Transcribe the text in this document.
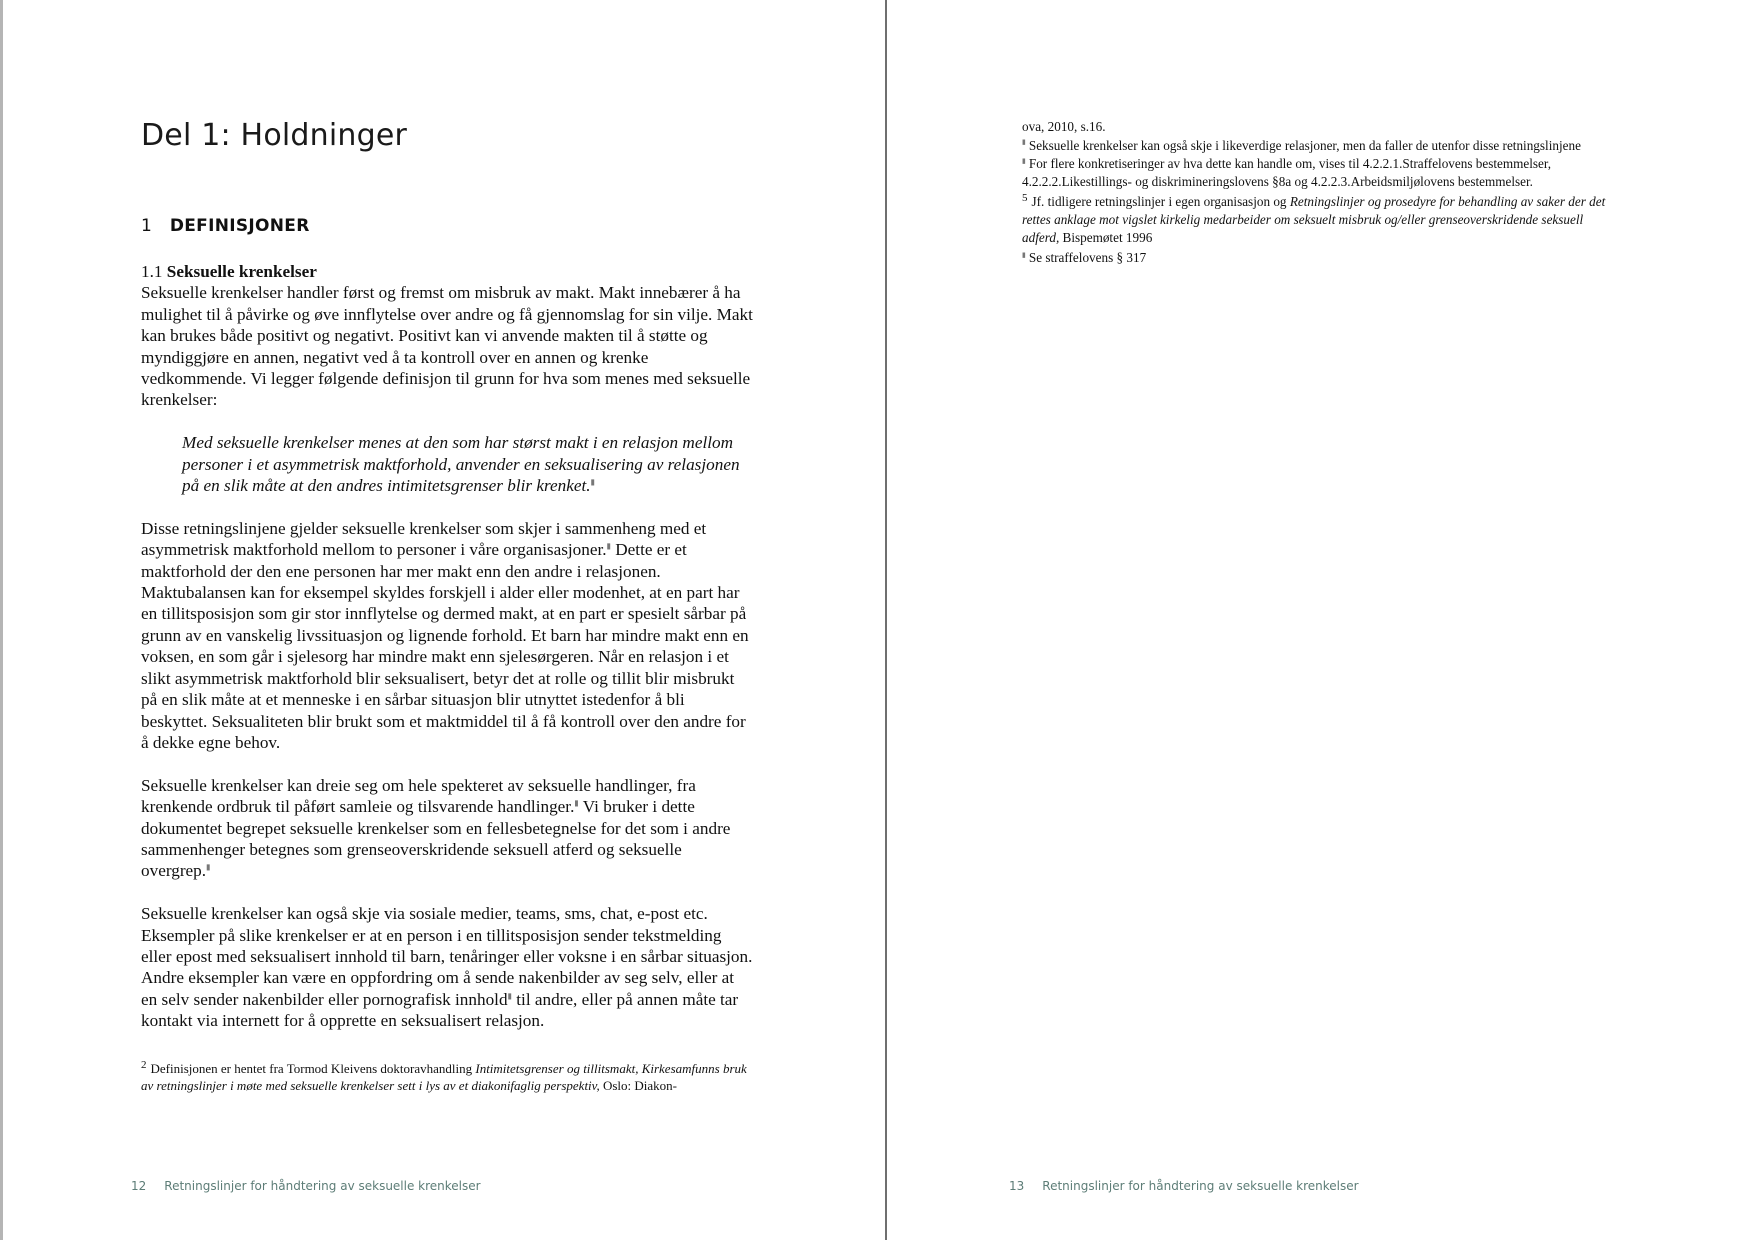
Del 1: Holdninger
1 DEFINISJONER
1.1 Seksuelle krenkelser

Seksuelle krenkelser handler først og fremst om misbruk av makt. Makt innebærer å ha mulighet til å påvirke og øve innflytelse over andre og få gjennomslag for sin vilje. Makt kan brukes både positivt og negativt. Positivt kan vi anvende makten til å støtte og myndiggjøre en annen, negativt ved å ta kontroll over en annen og krenke vedkommende. Vi legger følgende definisjon til grunn for hva som menes med seksuelle krenkelser:

Med seksuelle krenkelser menes at den som har størst makt i en relasjon mellom personer i et asymmetrisk maktforhold, anvender en seksualisering av relasjonen på en slik måte at den andres intimitetsgrenser blir krenket.▮

Disse retningslinjene gjelder seksuelle krenkelser som skjer i sammenheng med et asymmetrisk maktforhold mellom to personer i våre organisasjoner.▮ Dette er et maktforhold der den ene personen har mer makt enn den andre i relasjonen. Maktubalansen kan for eksempel skyldes forskjell i alder eller modenhet, at en part har en tillitsposisjon som gir stor innflytelse og dermed makt, at en part er spesielt sårbar på grunn av en vanskelig livssituasjon og lignende forhold. Et barn har mindre makt enn en voksen, en som går i sjelesorg har mindre makt enn sjelesørgeren. Når en relasjon i et slikt asymmetrisk maktforhold blir seksualisert, betyr det at rolle og tillit blir misbrukt på en slik måte at et menneske i en sårbar situasjon blir utnyttet istedenfor å bli beskyttet. Seksualiteten blir brukt som et maktmiddel til å få kontroll over den andre for å dekke egne behov.

Seksuelle krenkelser kan dreie seg om hele spekteret av seksuelle handlinger, fra krenkende ordbruk til påført samleie og tilsvarende handlinger.▮ Vi bruker i dette dokumentet begrepet seksuelle krenkelser som en fellesbetegnelse for det som i andre sammenhenger betegnes som grenseoverskridende seksuell atferd og seksuelle overgrep.▮

Seksuelle krenkelser kan også skje via sosiale medier, teams, sms, chat, e-post etc. Eksempler på slike krenkelser er at en person i en tillitsposisjon sender tekstmelding eller epost med seksualisert innhold til barn, tenåringer eller voksne i en sårbar situasjon. Andre eksempler kan være en oppfordring om å sende nakenbilder av seg selv, eller at en selv sender nakenbilder eller pornografisk innhold▮ til andre, eller på annen måte tar kontakt via internett for å opprette en seksualisert relasjon.

$^2$ Definisjonen er hentet fra Tormod Kleivens doktoravhandling Intimitetsgrenser og tillitsmakt, Kirkesamfunns bruk av retningslinjer i møte med seksuelle krenkelser sett i lys av et diakonifaglig perspektiv, Oslo: Diakon-

12 Retningslinjer for håndtering av seksuelle krenkelser

ova, 2010, s.16.

▮ Seksuelle krenkelser kan også skje i likeverdige relasjoner, men da faller de utenfor disse retningslinjene

▮ For flere konkretiseringer av hva dette kan handle om, vises til 4.2.2.1.Straffelovens bestemmelser, 4.2.2.2.Likestillings- og diskrimineringslovens §8a og 4.2.2.3.Arbeidsmiljølovens bestemmelser.

$^5$ Jf. tidligere retningslinjer i egen organisasjon og Retningslinjer og prosedyre for behandling av saker der det rettes anklage mot vigslet kirkelig medarbeider om seksuelt misbruk og/eller grenseoverskridende seksuell adferd, Bispemøtet 1996

▮ Se straffelovens § 317

13 Retningslinjer for håndtering av seksuelle krenkelser
